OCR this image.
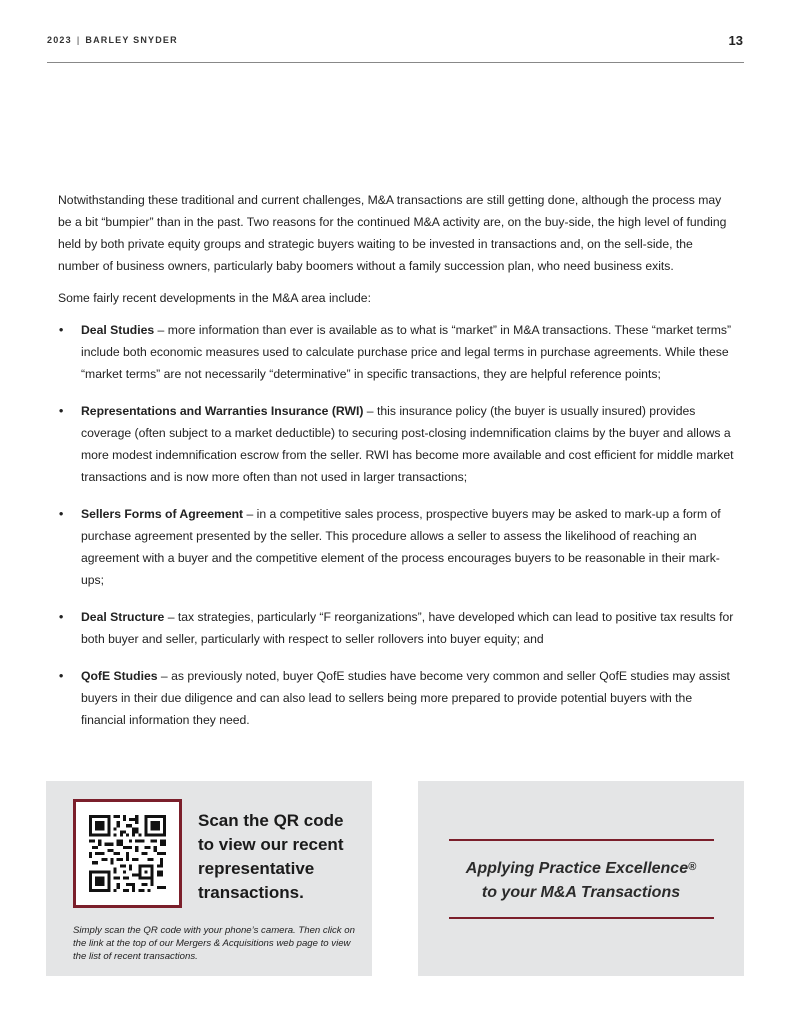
2023 | BARLEY SNYDER	13

Notwithstanding these traditional and current challenges, M&A transactions are still getting done, although the process may be a bit “bumpier” than in the past. Two reasons for the continued M&A activity are, on the buy-side, the high level of funding held by both private equity groups and strategic buyers waiting to be invested in transactions and, on the sell-side, the number of business owners, particularly baby boomers without a family succession plan, who need business exits.

Some fairly recent developments in the M&A area include:

• Deal Studies – more information than ever is available as to what is “market” in M&A transactions. These “market terms” include both economic measures used to calculate purchase price and legal terms in purchase agreements. While these “market terms” are not necessarily “determinative” in specific transactions, they are helpful reference points;
• Representations and Warranties Insurance (RWI) – this insurance policy (the buyer is usually insured) provides coverage (often subject to a market deductible) to securing post-closing indemnification claims by the buyer and allows a more modest indemnification escrow from the seller. RWI has become more available and cost efficient for middle market transactions and is now more often than not used in larger transactions;
• Sellers Forms of Agreement – in a competitive sales process, prospective buyers may be asked to mark-up a form of purchase agreement presented by the seller. This procedure allows a seller to assess the likelihood of reaching an agreement with a buyer and the competitive element of the process encourages buyers to be reasonable in their mark-ups;
• Deal Structure – tax strategies, particularly “F reorganizations”, have developed which can lead to positive tax results for both buyer and seller, particularly with respect to seller rollovers into buyer equity; and
• QofE Studies – as previously noted, buyer QofE studies have become very common and seller QofE studies may assist buyers in their due diligence and can also lead to sellers being more prepared to provide potential buyers with the financial information they need.
Scan the QR code to view our recent representative transactions.
Simply scan the QR code with your phone’s camera. Then click on the link at the top of our Mergers & Acquisitions web page to view the list of recent transactions.
Applying Practice Excellence®
to your M&A Transactions
